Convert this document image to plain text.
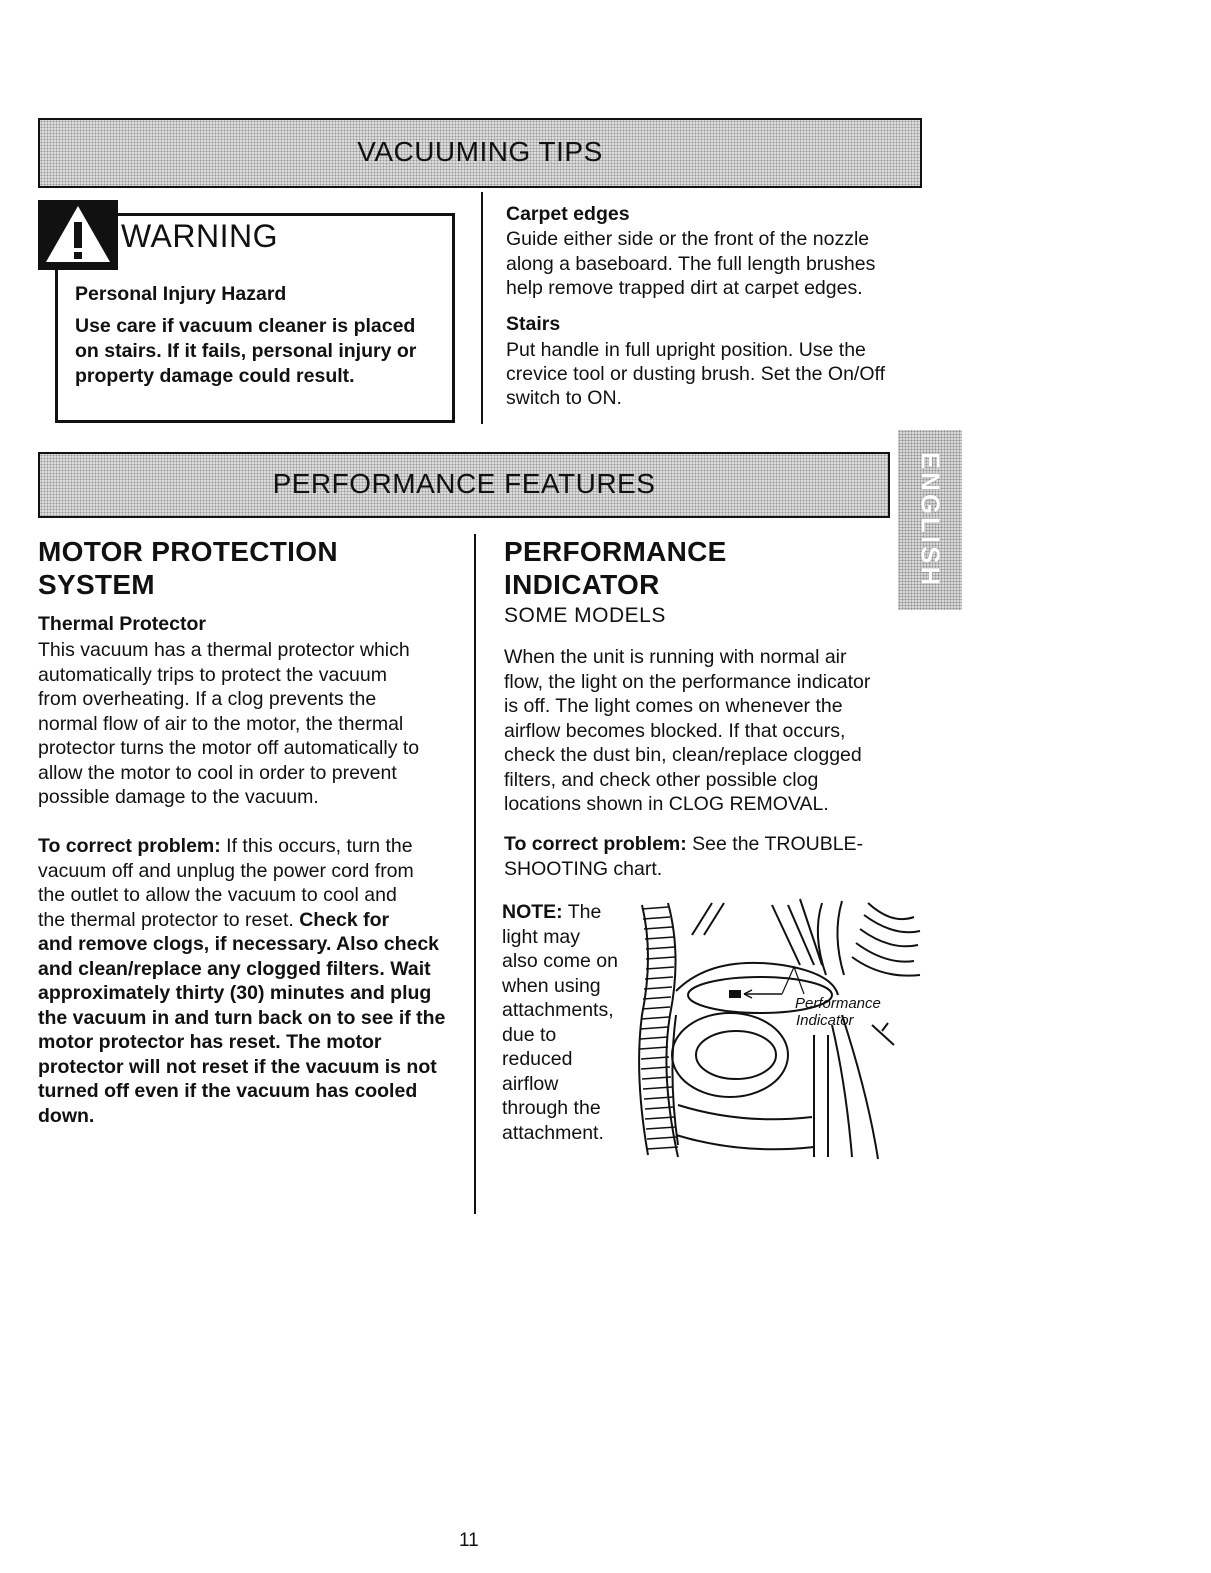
VACUUMING TIPS
WARNING
Personal Injury Hazard
Use care if vacuum cleaner is placed
on stairs. If it fails, personal injury or
property damage could result.
Carpet edges
Guide either side or the front of the nozzle
along a baseboard. The full length brushes
help remove trapped dirt at carpet edges.
Stairs
Put handle in full upright position. Use the
crevice tool or dusting brush. Set the On/Off
switch to ON.
PERFORMANCE FEATURES	ENGLISH
MOTOR PROTECTION
SYSTEM
Thermal Protector
This vacuum has a thermal protector which
automatically trips to protect the vacuum
from overheating. If a clog prevents the
normal flow of air to the motor, the thermal
protector turns the motor off automatically to
allow the motor to cool in order to prevent
possible damage to the vacuum.
To correct problem: If this occurs, turn the
vacuum off and unplug the power cord from
the outlet to allow the vacuum to cool and
the thermal protector to reset. Check for
and remove clogs, if necessary. Also check
and clean/replace any clogged filters. Wait
approximately thirty (30) minutes and plug
the vacuum in and turn back on to see if the
motor protector has reset. The motor
protector will not reset if the vacuum is not
turned off even if the vacuum has cooled
down.
PERFORMANCE
INDICATOR
SOME MODELS
When the unit is running with normal air
flow, the light on the performance indicator
is off. The light comes on whenever the
airflow becomes blocked. If that occurs,
check the dust bin, clean/replace clogged
filters, and check other possible clog
locations shown in CLOG REMOVAL.
To correct problem: See the TROUBLE-
SHOOTING chart.
NOTE: The
light may
also come on
when using
attachments,
due to
reduced
airflow
through the
attachment.
Performance
Indicator
11
